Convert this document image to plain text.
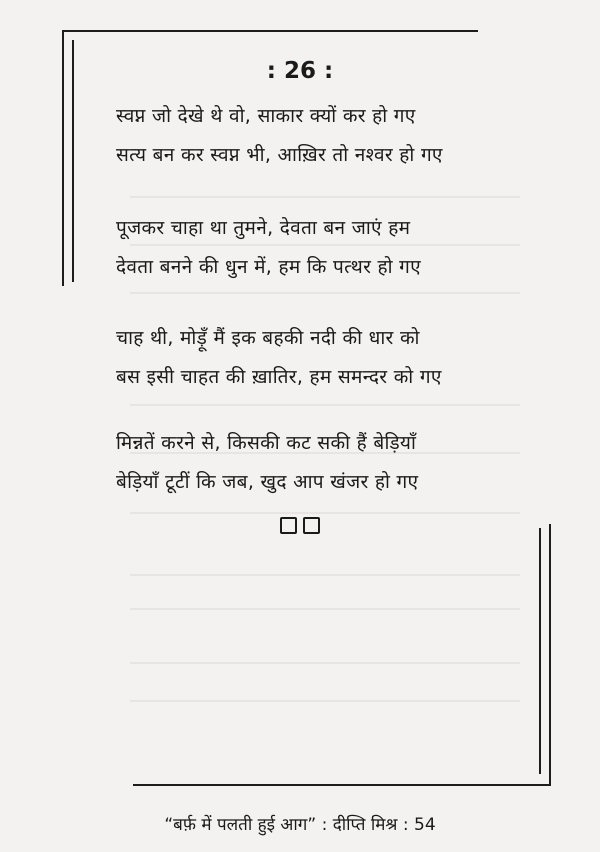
: 26 :
स्वप्न जो देखे थे वो, साकार क्यों कर हो गए
सत्य बन कर स्वप्न भी, आख़िर तो नश्वर हो गए
पूजकर चाहा था तुमने, देवता बन जाएं हम
देवता बनने की धुन में, हम कि पत्थर हो गए
चाह थी, मोड़ूँ मैं इक बहकी नदी की धार को
बस इसी चाहत की ख़ातिर, हम समन्दर को गए
मिन्नतें करने से, किसकी कट सकी हैं बेड़ियाँ
बेड़ियाँ टूटीं कि जब, खुद आप खंजर हो गए
“बर्फ़ में पलती हुई आग” : दीप्ति मिश्र : 54
